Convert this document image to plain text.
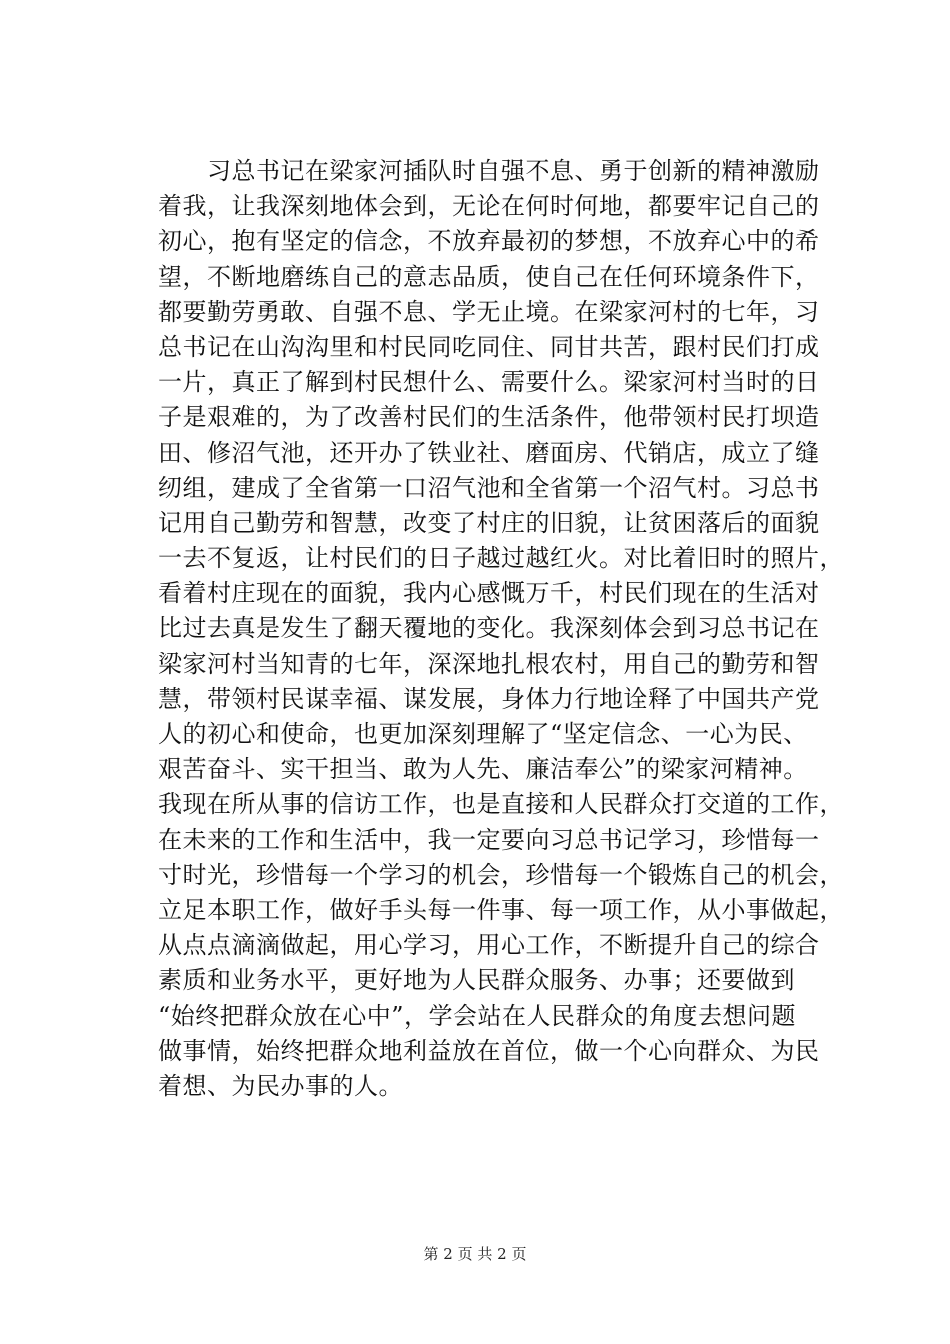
　　习总书记在梁家河插队时自强不息、勇于创新的精神激励
着我，让我深刻地体会到，无论在何时何地，都要牢记自己的
初心，抱有坚定的信念，不放弃最初的梦想，不放弃心中的希
望，不断地磨练自己的意志品质，使自己在任何环境条件下，
都要勤劳勇敢、自强不息、学无止境。在梁家河村的七年，习
总书记在山沟沟里和村民同吃同住、同甘共苦，跟村民们打成
一片，真正了解到村民想什么、需要什么。梁家河村当时的日
子是艰难的，为了改善村民们的生活条件，他带领村民打坝造
田、修沼气池，还开办了铁业社、磨面房、代销店，成立了缝
纫组，建成了全省第一口沼气池和全省第一个沼气村。习总书
记用自己勤劳和智慧，改变了村庄的旧貌，让贫困落后的面貌
一去不复返，让村民们的日子越过越红火。对比着旧时的照片，
看着村庄现在的面貌，我内心感慨万千，村民们现在的生活对
比过去真是发生了翻天覆地的变化。我深刻体会到习总书记在
梁家河村当知青的七年，深深地扎根农村，用自己的勤劳和智
慧，带领村民谋幸福、谋发展，身体力行地诠释了中国共产党
人的初心和使命，也更加深刻理解了“坚定信念、一心为民、
艰苦奋斗、实干担当、敢为人先、廉洁奉公”的梁家河精神。
我现在所从事的信访工作，也是直接和人民群众打交道的工作，
在未来的工作和生活中，我一定要向习总书记学习，珍惜每一
寸时光，珍惜每一个学习的机会，珍惜每一个锻炼自己的机会，
立足本职工作，做好手头每一件事、每一项工作，从小事做起，
从点点滴滴做起，用心学习，用心工作，不断提升自己的综合
素质和业务水平，更好地为人民群众服务、办事；还要做到
“始终把群众放在心中”，学会站在人民群众的角度去想问题
做事情，始终把群众地利益放在首位，做一个心向群众、为民
着想、为民办事的人。
第 2 页 共 2 页
